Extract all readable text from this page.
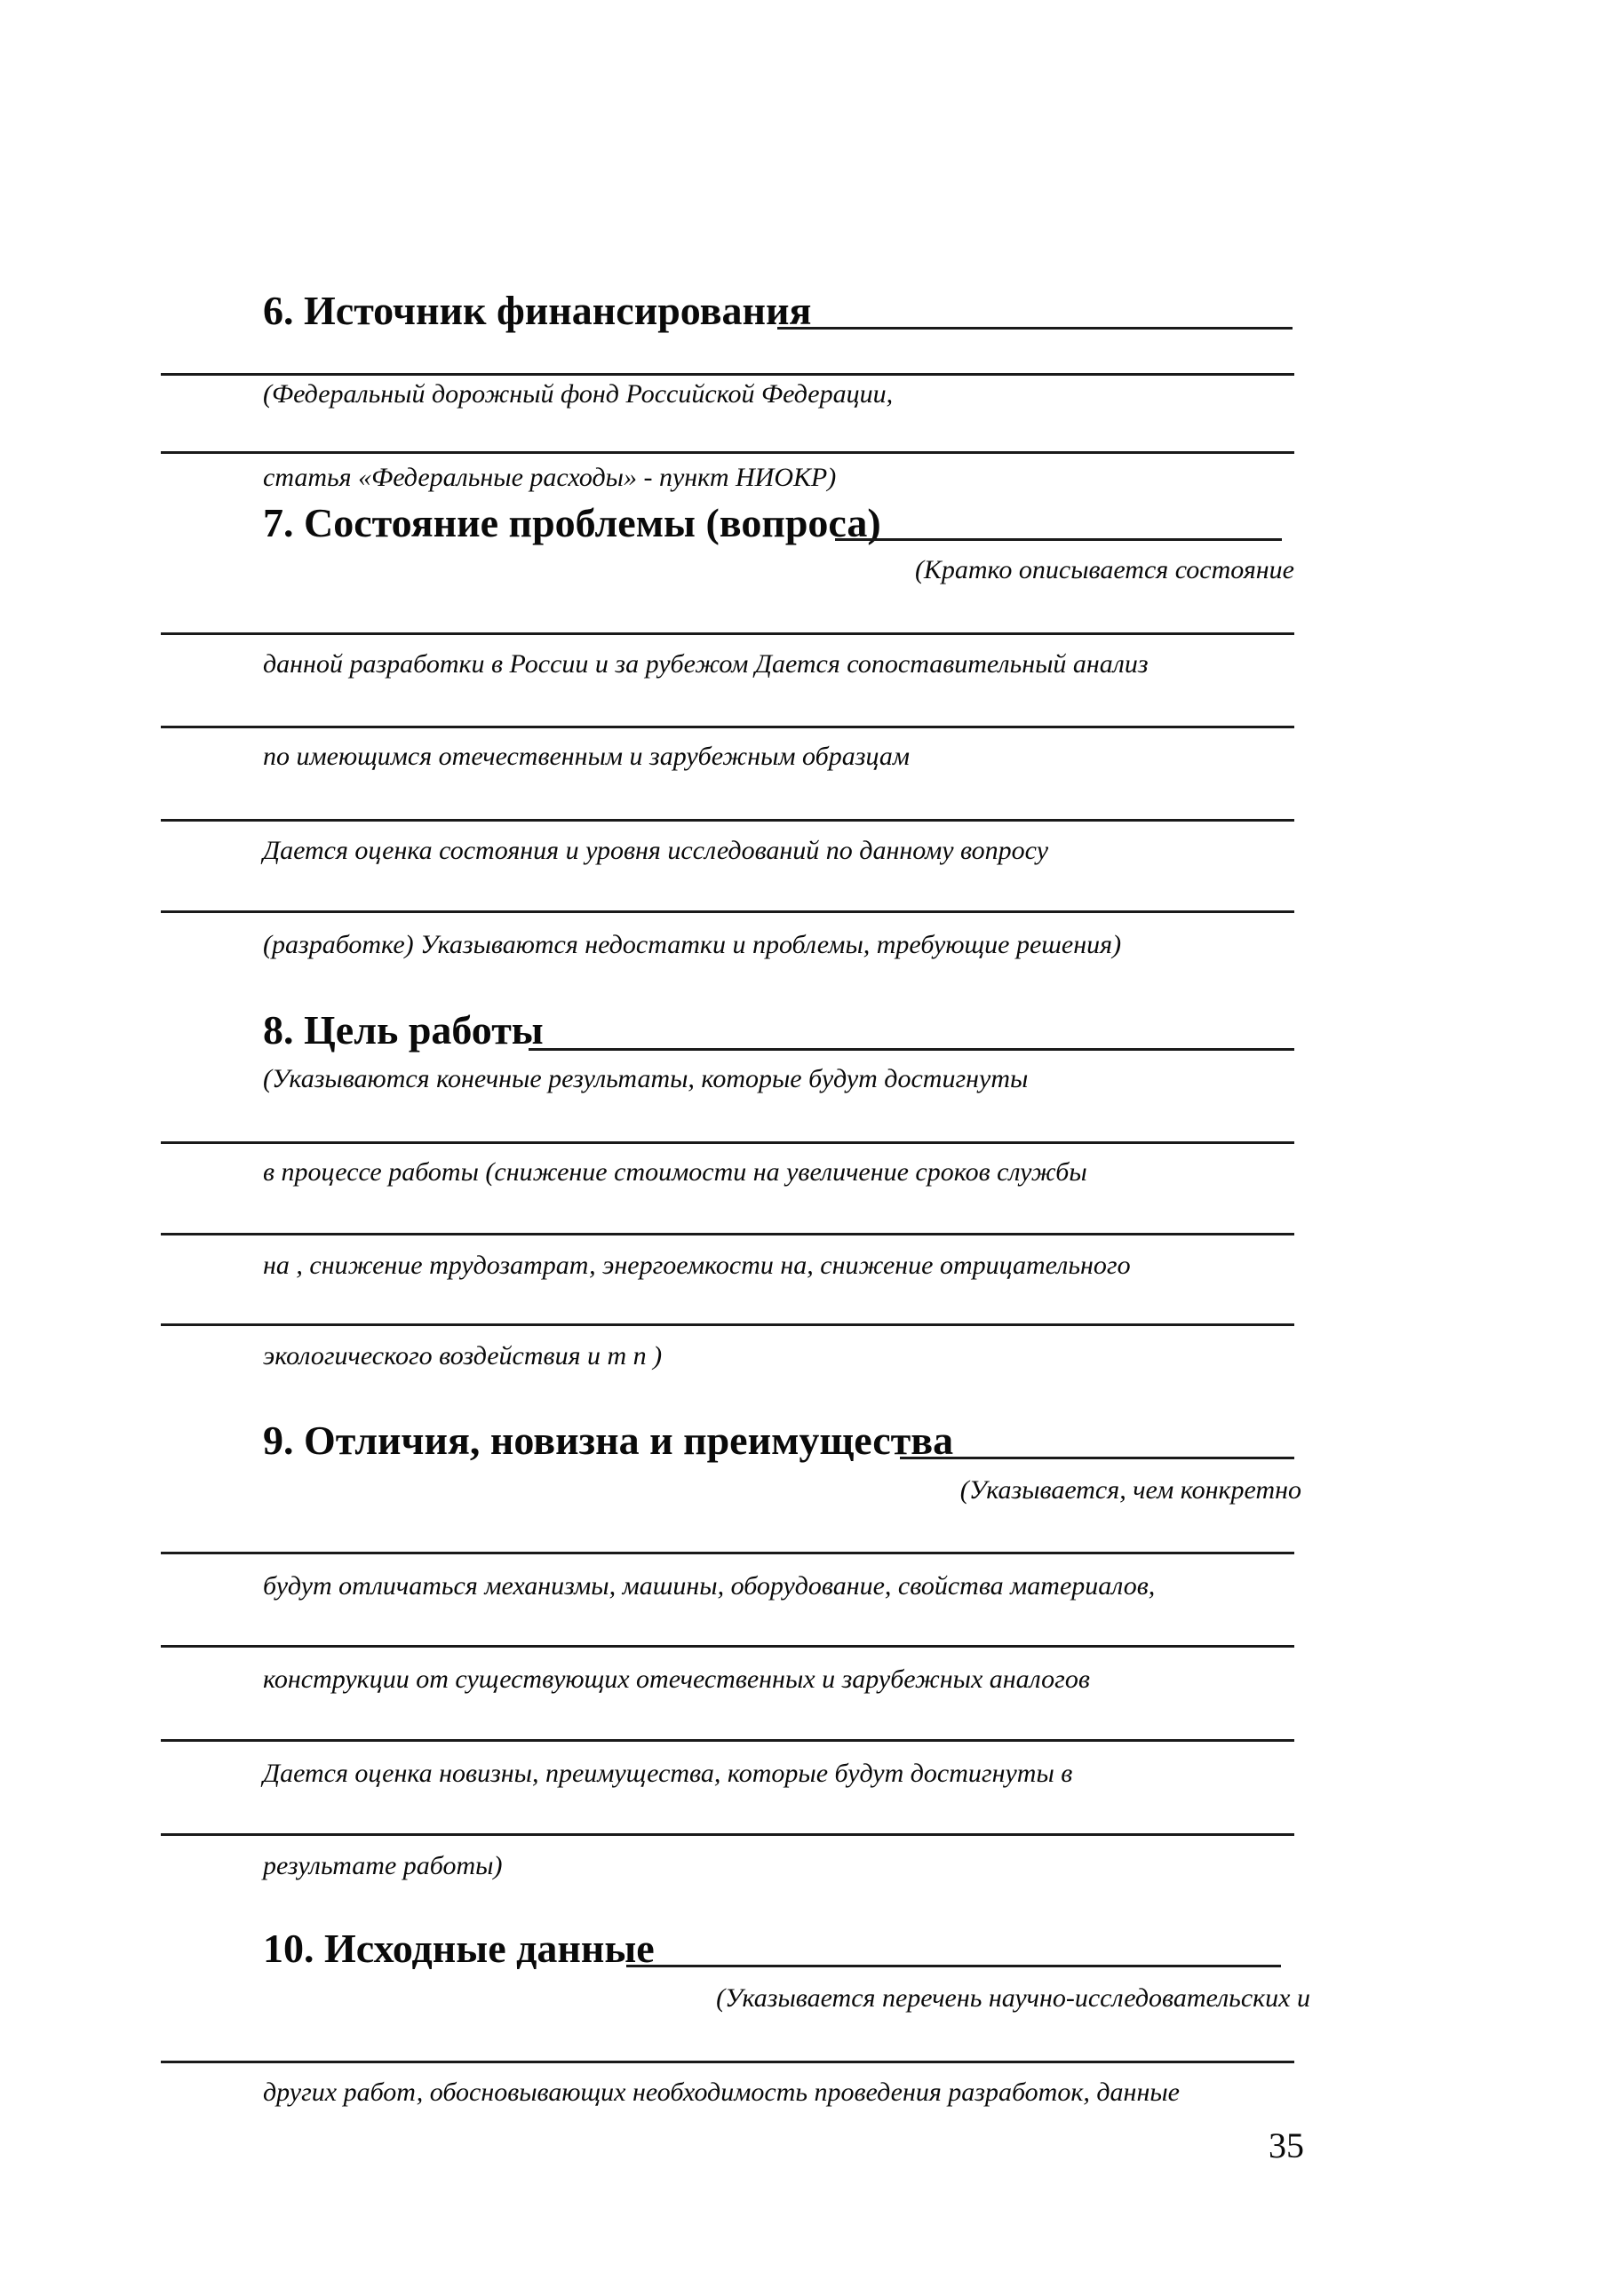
6. Источник финансирования

(Федеральный дорожный фонд Российской Федерации,

статья «Федеральные расходы» - пункт НИОКР)

7. Состояние проблемы (вопроса)

(Кратко описывается состояние

данной разработки в России и за рубежом Дается сопоставительный анализ

по имеющимся отечественным и зарубежным образцам

Дается оценка состояния и уровня исследований по данному вопросу

(разработке) Указываются недостатки и проблемы, требующие решения)

8. Цель работы

(Указываются конечные результаты, которые будут достигнуты

в процессе работы (снижение стоимости на увеличение сроков службы

на , снижение трудозатрат, энергоемкости на, снижение отрицательного

экологического воздействия и т п )

9. Отличия, новизна и преимущества

(Указывается, чем конкретно

будут отличаться механизмы, машины, оборудование, свойства материалов,

конструкции от существующих отечественных и зарубежных аналогов

Дается оценка новизны, преимущества, которые будут достигнуты в

результате работы)

10. Исходные данные

(Указывается перечень научно-исследовательских и

других работ, обосновывающих необходимость проведения разработок, данные

35
